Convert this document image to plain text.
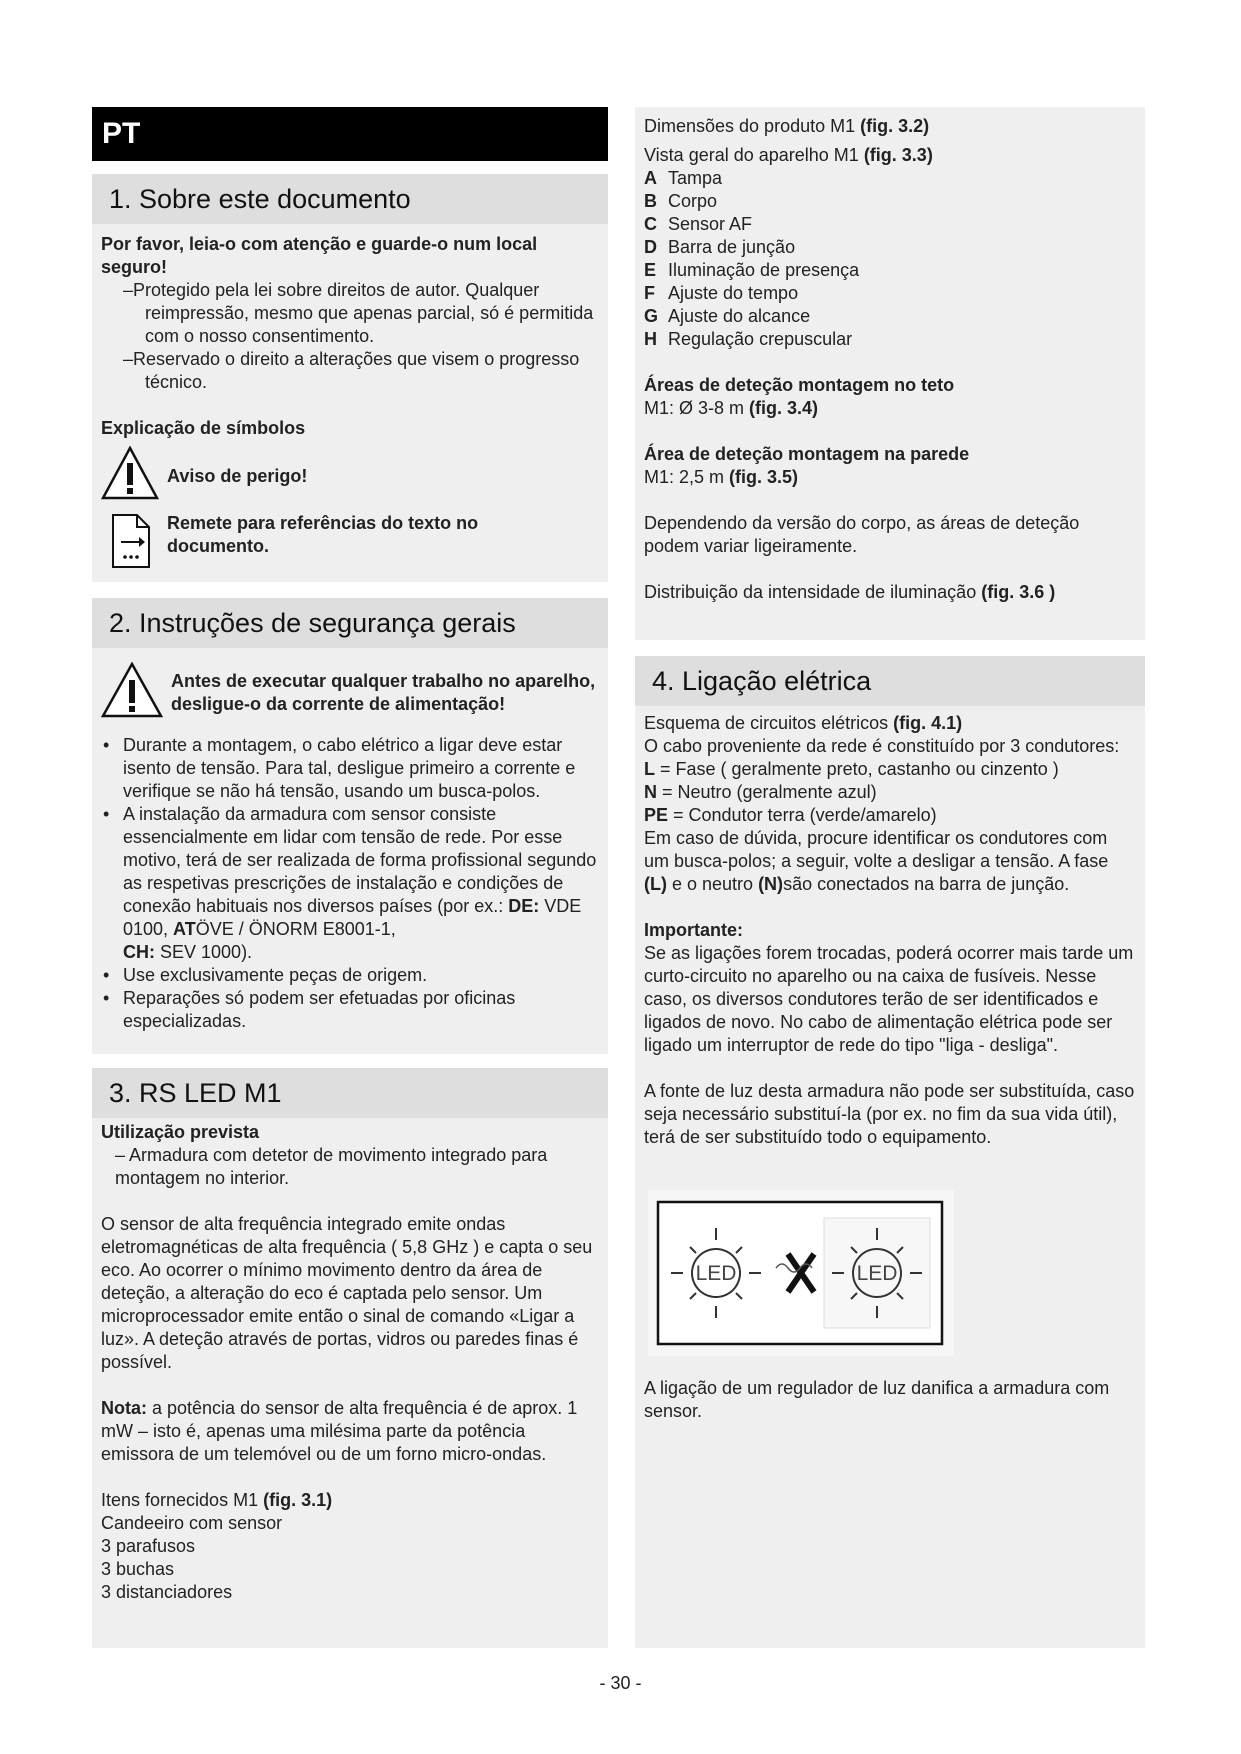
PT
1. Sobre este documento

Por favor, leia-o com atenção e guarde-o num local seguro!

–Protegido pela lei sobre direitos de autor. Qualquer reimpressão, mesmo que apenas parcial, só é permitida com o nosso consentimento.

–Reservado o direito a alterações que visem o progresso técnico.

Explicação de símbolos

Aviso de perigo!
Remete para referências do texto no documento.
2. Instruções de segurança gerais
Antes de executar qualquer trabalho no aparelho, desligue-o da corrente de alimentação!

• Durante a montagem, o cabo elétrico a ligar deve estar isento de tensão. Para tal, desligue primeiro a corrente e verifique se não há tensão, usando um busca-polos.

• A instalação da armadura com sensor consiste essencialmente em lidar com tensão de rede. Por esse motivo, terá de ser realizada de forma profissional segundo as respetivas prescrições de instalação e condições de conexão habituais nos diversos países (por ex.: DE: VDE 0100, ATÖVE / ÖNORM E8001-1,
CH: SEV 1000).

• Use exclusivamente peças de origem.

• Reparações só podem ser efetuadas por oficinas especializadas.

3. RS LED M1

Utilização prevista

– Armadura com detetor de movimento integrado para montagem no interior.

O sensor de alta frequência integrado emite ondas eletromagnéticas de alta frequência ( 5,8 GHz ) e capta o seu eco. Ao ocorrer o mínimo movimento dentro da área de deteção, a alteração do eco é captada pelo sensor. Um microprocessador emite então o sinal de comando «Ligar a luz». A deteção através de portas, vidros ou paredes finas é possível.

Nota: a potência do sensor de alta frequência é de aprox. 1 mW – isto é, apenas uma milésima parte da potência emissora de um telemóvel ou de um forno micro-ondas.

Itens fornecidos M1 (fig. 3.1)

Candeeiro com sensor

3 parafusos

3 buchas

3 distanciadores

Dimensões do produto M1 (fig. 3.2)

Vista geral do aparelho M1 (fig. 3.3)

A Tampa

B Corpo

C Sensor AF

D Barra de junção

E Iluminação de presença

F Ajuste do tempo

G Ajuste do alcance

H Regulação crepuscular

Áreas de deteção montagem no teto

M1: Ø 3-8 m (fig. 3.4)

Área de deteção montagem na parede

M1: 2,5 m (fig. 3.5)

Dependendo da versão do corpo, as áreas de deteção podem variar ligeiramente.

Distribuição da intensidade de iluminação (fig. 3.6 )

4. Ligação elétrica

Esquema de circuitos elétricos (fig. 4.1)

O cabo proveniente da rede é constituído por 3 condutores:

L = Fase ( geralmente preto, castanho ou cinzento )

N = Neutro (geralmente azul)

PE = Condutor terra (verde/amarelo)

Em caso de dúvida, procure identificar os condutores com um busca-polos; a seguir, volte a desligar a tensão. A fase (L) e o neutro (N)são conectados na barra de junção.

Importante:

Se as ligações forem trocadas, poderá ocorrer mais tarde um curto-circuito no aparelho ou na caixa de fusíveis. Nesse caso, os diversos condutores terão de ser identificados e ligados de novo. No cabo de alimentação elétrica pode ser ligado um interruptor de rede do tipo "liga - desliga".

A fonte de luz desta armadura não pode ser substituída, caso seja necessário substituí-la (por ex. no fim da sua vida útil), terá de ser substituído todo o equipamento.

LED	LED

A ligação de um regulador de luz danifica a armadura com sensor.

- 30 -
